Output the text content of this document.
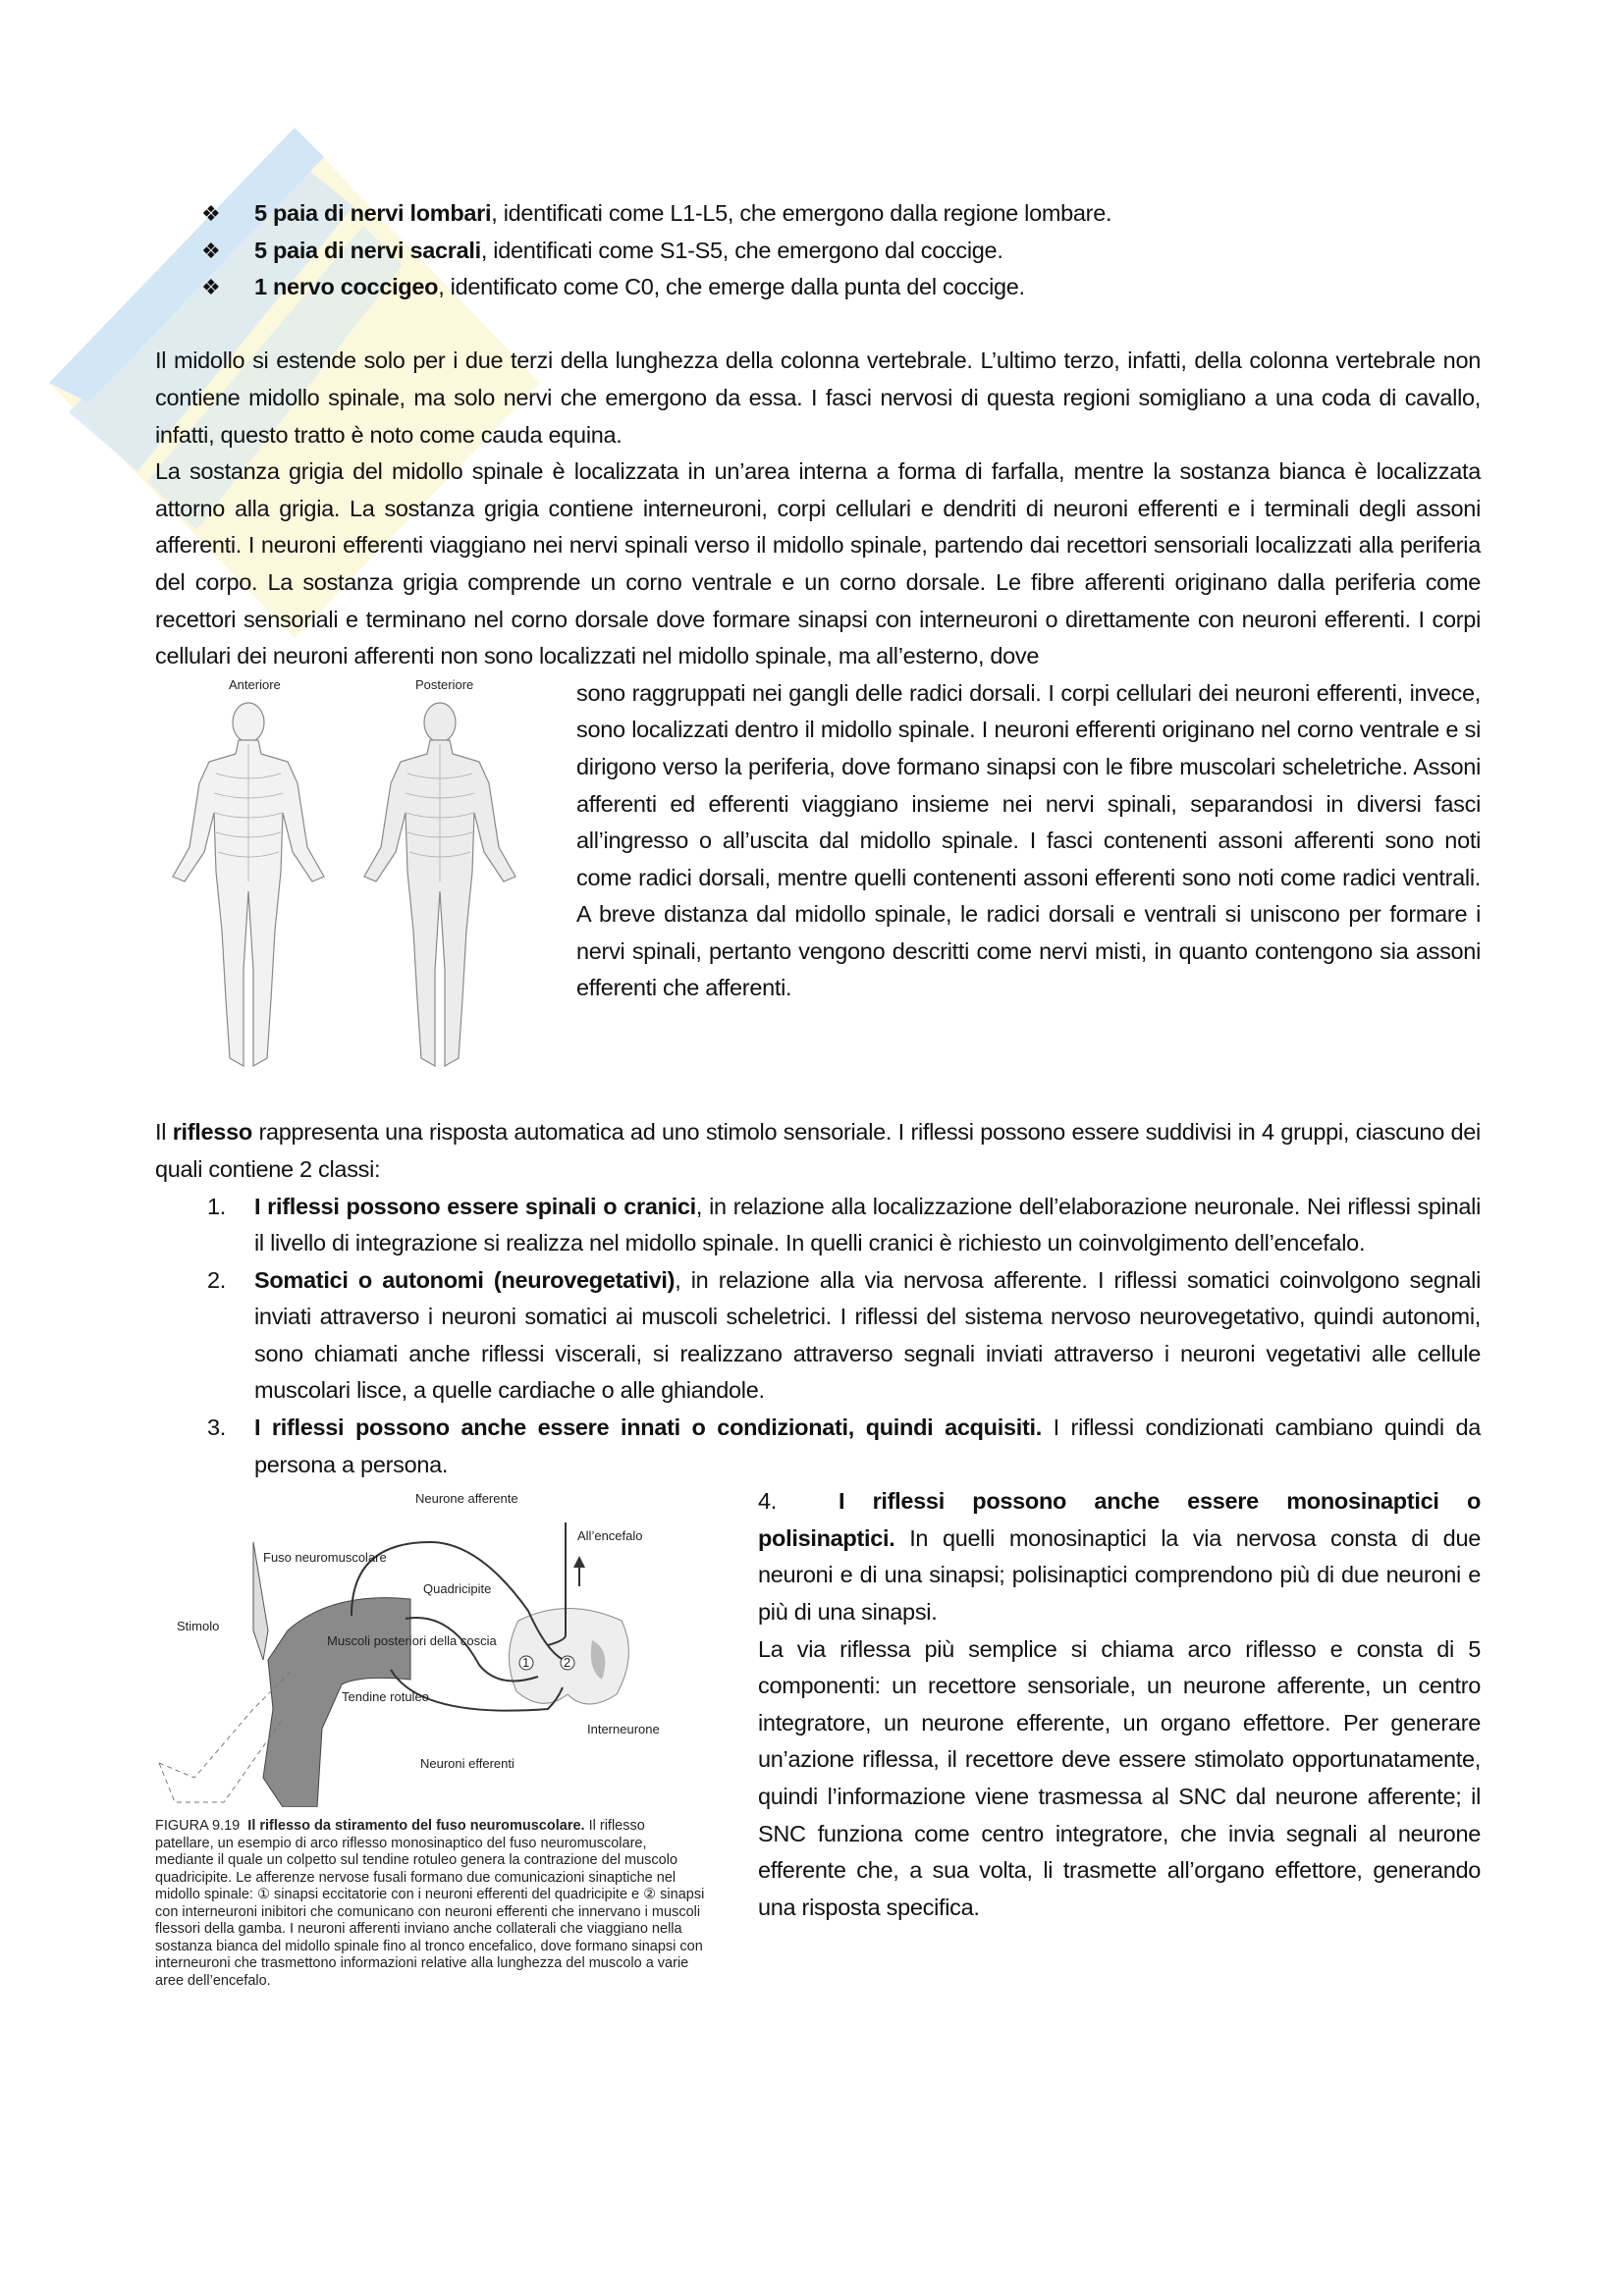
❖	5 paia di nervi lombari, identificati come L1-L5, che emergono dalla regione lombare.
❖	5 paia di nervi sacrali, identificati come S1-S5, che emergono dal coccige.
❖	1 nervo coccigeo, identificato come C0, che emerge dalla punta del coccige.

Il midollo si estende solo per i due terzi della lunghezza della colonna vertebrale. L’ultimo terzo, infatti, della colonna vertebrale non contiene midollo spinale, ma solo nervi che emergono da essa. I fasci nervosi di questa regioni somigliano a una coda di cavallo, infatti, questo tratto è noto come cauda equina.

La sostanza grigia del midollo spinale è localizzata in un’area interna a forma di farfalla, mentre la sostanza bianca è localizzata attorno alla grigia. La sostanza grigia contiene interneuroni, corpi cellulari e dendriti di neuroni efferenti e i terminali degli assoni afferenti. I neuroni efferenti viaggiano nei nervi spinali verso il midollo spinale, partendo dai recettori sensoriali localizzati alla periferia del corpo. La sostanza grigia comprende un corno ventrale e un corno dorsale. Le fibre afferenti originano dalla periferia come recettori sensoriali e terminano nel corno dorsale dove formare sinapsi con interneuroni o direttamente con neuroni efferenti. I corpi cellulari dei neuroni afferenti non sono localizzati nel midollo spinale, ma all’esterno, dove

Anteriore	Posteriore	sono raggruppati nei gangli delle radici dorsali. I corpi cellulari dei neuroni efferenti, invece, sono localizzati dentro il midollo spinale. I neuroni efferenti originano nel corno ventrale e si dirigono verso la periferia, dove formano sinapsi con le fibre muscolari scheletriche. Assoni afferenti ed efferenti viaggiano insieme nei nervi spinali, separandosi in diversi fasci all’ingresso o all’uscita dal midollo spinale. I fasci contenenti assoni afferenti sono noti come radici dorsali, mentre quelli contenenti assoni efferenti sono noti come radici ventrali. A breve distanza dal midollo spinale, le radici dorsali e ventrali si uniscono per formare i nervi spinali, pertanto vengono descritti come nervi misti, in quanto contengono sia assoni efferenti che afferenti.

Il riflesso rappresenta una risposta automatica ad uno stimolo sensoriale. I riflessi possono essere suddivisi in 4 gruppi, ciascuno dei quali contiene 2 classi:

1. I riflessi possono essere spinali o cranici, in relazione alla localizzazione dell’elaborazione neuronale. Nei riflessi spinali il livello di integrazione si realizza nel midollo spinale. In quelli cranici è richiesto un coinvolgimento dell’encefalo.
2. Somatici o autonomi (neurovegetativi), in relazione alla via nervosa afferente. I riflessi somatici coinvolgono segnali inviati attraverso i neuroni somatici ai muscoli scheletrici. I riflessi del sistema nervoso neurovegetativo, quindi autonomi, sono chiamati anche riflessi viscerali, si realizzano attraverso segnali inviati attraverso i neuroni vegetativi alle cellule muscolari lisce, a quelle cardiache o alle ghiandole.
3. I riflessi possono anche essere innati o condizionati, quindi acquisiti. I riflessi condizionati cambiano quindi da persona a persona.
Neurone afferente
All’encefalo
Fuso neuromuscolare
Quadricipite
Stimolo
Muscoli posteriori della coscia
Tendine rotuleo
Interneurone
Neuroni efferenti
1	2
FIGURA 9.19 Il riflesso da stiramento del fuso neuromuscolare. Il riflesso patellare, un esempio di arco riflesso monosinaptico del fuso neuromuscolare, mediante il quale un colpetto sul tendine rotuleo genera la contrazione del muscolo quadricipite. Le afferenze nervose fusali formano due comunicazioni sinaptiche nel midollo spinale: ① sinapsi eccitatorie con i neuroni efferenti del quadricipite e ② sinapsi con interneuroni inibitori che comunicano con neuroni efferenti che innervano i muscoli flessori della gamba. I neuroni afferenti inviano anche collaterali che viaggiano nella sostanza bianca del midollo spinale fino al tronco encefalico, dove formano sinapsi con interneuroni che trasmettono informazioni relative alla lunghezza del muscolo a varie aree dell’encefalo.

4.	I riflessi possono anche essere monosinaptici o polisinaptici. In quelli monosinaptici la via nervosa consta di due neuroni e di una sinapsi; polisinaptici comprendono più di due neuroni e più di una sinapsi.

La via riflessa più semplice si chiama arco riflesso e consta di 5 componenti: un recettore sensoriale, un neurone afferente, un centro integratore, un neurone efferente, un organo effettore. Per generare un’azione riflessa, il recettore deve essere stimolato opportunatamente, quindi l’informazione viene trasmessa al SNC dal neurone afferente; il SNC funziona come centro integratore, che invia segnali al neurone efferente che, a sua volta, li trasmette all’organo effettore, generando una risposta specifica.
